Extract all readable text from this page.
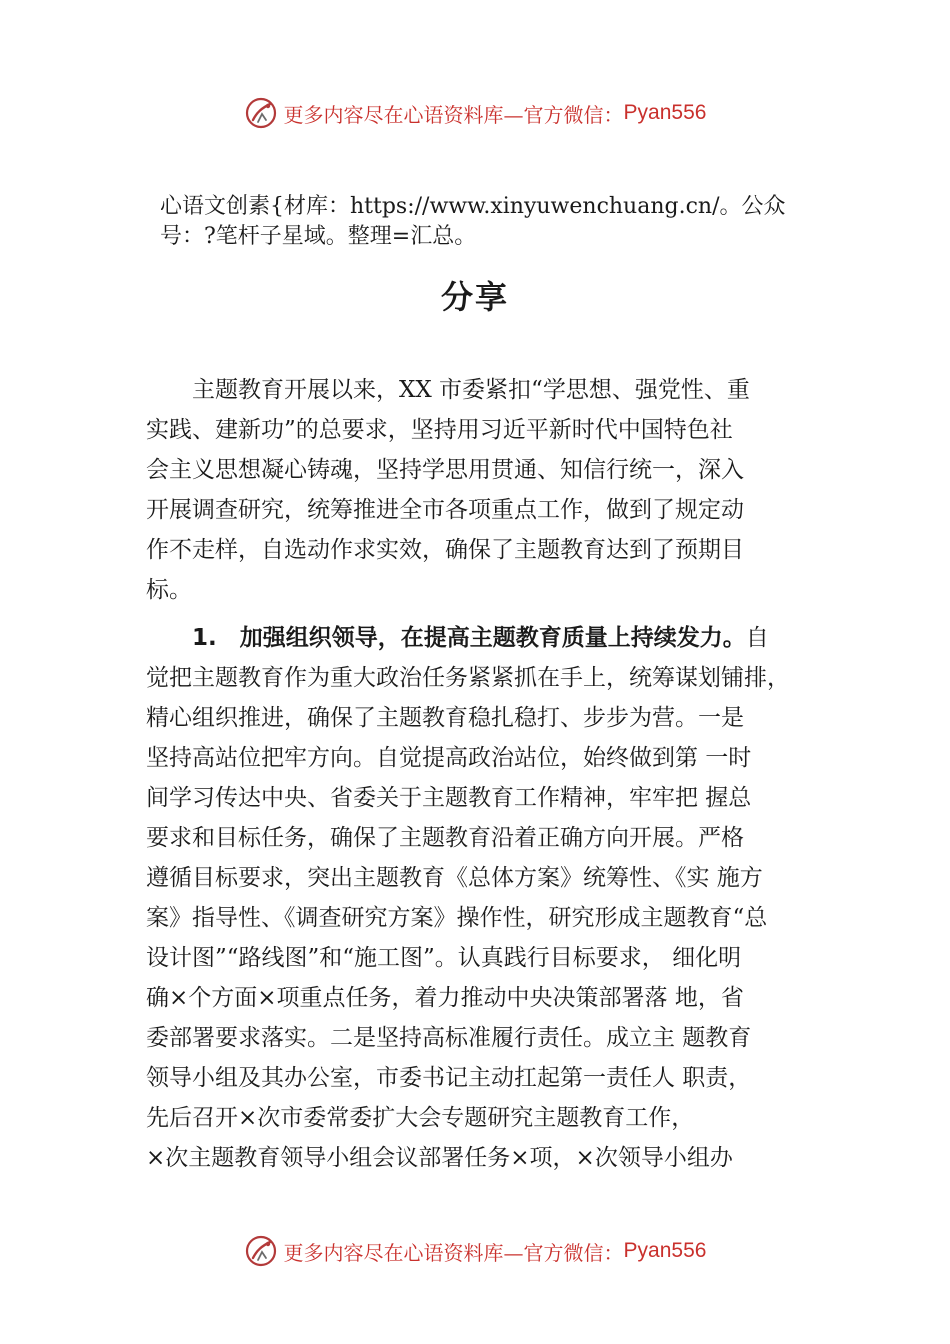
更多内容尽在心语资料库—官方微信： Pyan556
心语文创素{材库：https://www.xinyuwenchuang.cn/。公众
号：?笔杆子星域。整理=汇总。
分享
　　主题教育开展以来，XX 市委紧扣“学思想、强党性、重
实践、建新功”的总要求，坚持用习近平新时代中国特色社
会主义思想凝心铸魂，坚持学思用贯通、知信行统一，深入
开展调查研究，统筹推进全市各项重点工作，做到了规定动
作不走样，自选动作求实效，确保了主题教育达到了预期目
标。
　　1.　加强组织领导，在提高主题教育质量上持续发力。自
觉把主题教育作为重大政治任务紧紧抓在手上，统筹谋划铺排，
精心组织推进，确保了主题教育稳扎稳打、步步为营。一是
坚持高站位把牢方向。自觉提高政治站位，始终做到第 一时
间学习传达中央、省委关于主题教育工作精神，牢牢把 握总
要求和目标任务，确保了主题教育沿着正确方向开展。严格
遵循目标要求，突出主题教育《总体方案》统筹性、《实 施方
案》指导性、《调查研究方案》操作性，研究形成主题教育“总
设计图”“路线图”和“施工图”。认真践行目标要求， 细化明
确×个方面×项重点任务，着力推动中央决策部署落 地，省
委部署要求落实。二是坚持高标准履行责任。成立主 题教育
领导小组及其办公室，市委书记主动扛起第一责任人 职责，
先后召开×次市委常委扩大会专题研究主题教育工作，
×次主题教育领导小组会议部署任务×项，×次领导小组办
更多内容尽在心语资料库—官方微信： Pyan556
